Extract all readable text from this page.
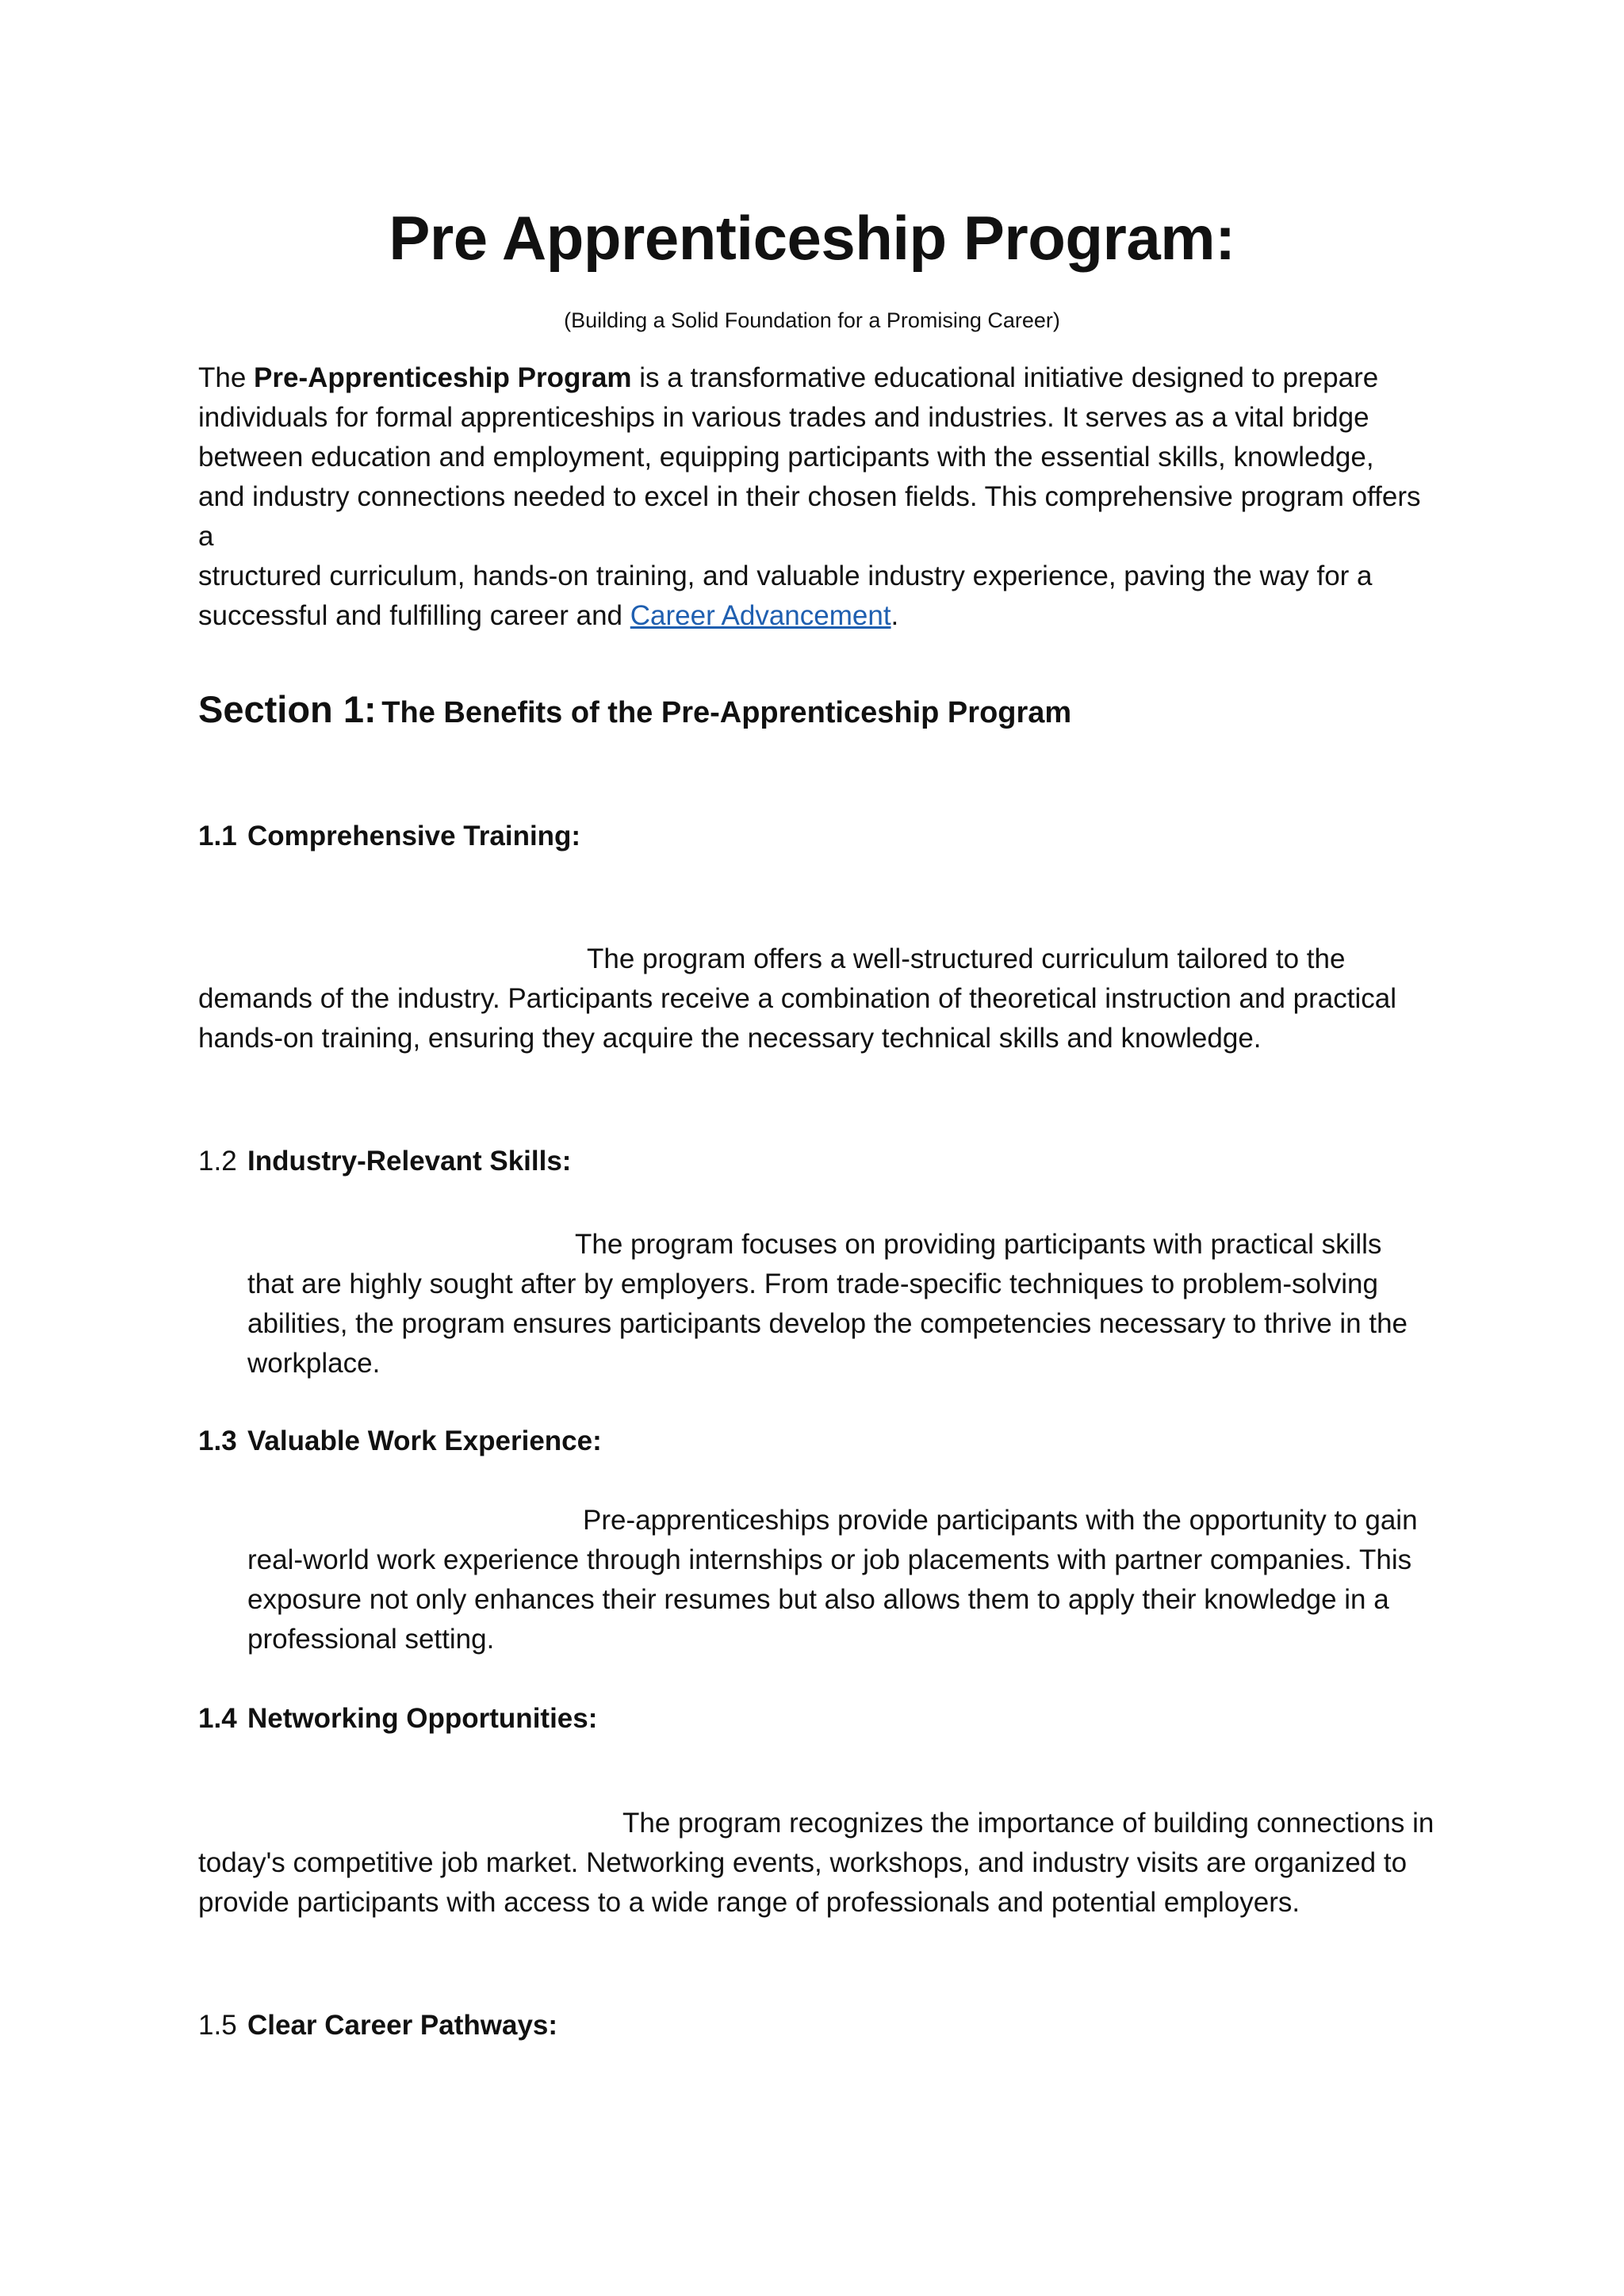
Pre Apprenticeship Program:
(Building a Solid Foundation for a Promising Career)

The Pre-Apprenticeship Program is a transformative educational initiative designed to prepare

individuals for formal apprenticeships in various trades and industries. It serves as a vital bridge

between education and employment, equipping participants with the essential skills, knowledge,

and industry connections needed to excel in their chosen fields. This comprehensive program offers a

structured curriculum, hands-on training, and valuable industry experience, paving the way for a

successful and fulfilling career and Career Advancement.

Section 1: The Benefits of the Pre-Apprenticeship Program
1.1 Comprehensive Training:
The program offers a well-structured curriculum tailored to the
demands of the industry. Participants receive a combination of theoretical instruction and practical
hands-on training, ensuring they acquire the necessary technical skills and knowledge.
1.2 Industry-Relevant Skills:
The program focuses on providing participants with practical skills
that are highly sought after by employers. From trade-specific techniques to problem-solving
abilities, the program ensures participants develop the competencies necessary to thrive in the
workplace.
1.3 Valuable Work Experience:
Pre-apprenticeships provide participants with the opportunity to gain
real-world work experience through internships or job placements with partner companies. This
exposure not only enhances their resumes but also allows them to apply their knowledge in a
professional setting.
1.4 Networking Opportunities:
The program recognizes the importance of building connections in
today's competitive job market. Networking events, workshops, and industry visits are organized to
provide participants with access to a wide range of professionals and potential employers.
1.5 Clear Career Pathways:
